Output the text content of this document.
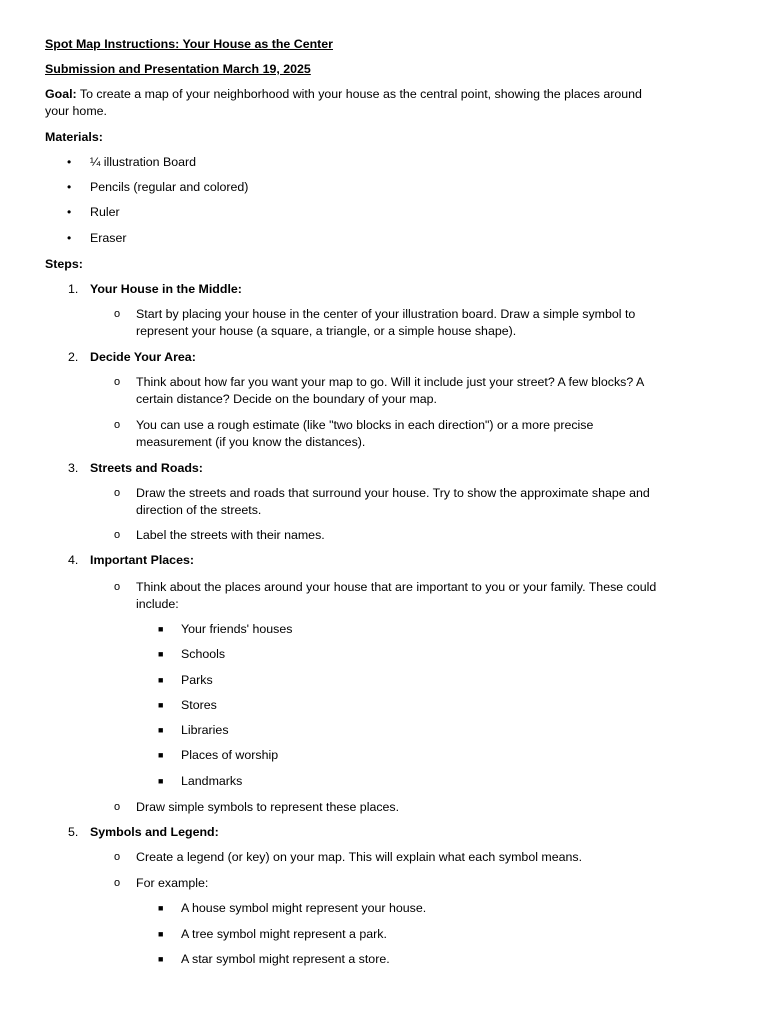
Spot Map Instructions: Your House as the Center
Submission and Presentation March 19, 2025
Goal: To create a map of your neighborhood with your house as the central point, showing the places around
your home.
Materials:
• ¼ illustration Board
• Pencils (regular and colored)
• Ruler
• Eraser
Steps:
1. Your House in the Middle:
o Start by placing your house in the center of your illustration board. Draw a simple symbol to
represent your house (a square, a triangle, or a simple house shape).
2. Decide Your Area:
o Think about how far you want your map to go. Will it include just your street? A few blocks? A
certain distance? Decide on the boundary of your map.
o You can use a rough estimate (like "two blocks in each direction") or a more precise
measurement (if you know the distances).
3. Streets and Roads:
o Draw the streets and roads that surround your house. Try to show the approximate shape and
direction of the streets.
o Label the streets with their names.
4. Important Places:
o Think about the places around your house that are important to you or your family. These could
include:
■ Your friends' houses
■ Schools
■ Parks
■ Stores
■ Libraries
■ Places of worship
■ Landmarks
o Draw simple symbols to represent these places.
5. Symbols and Legend:
o Create a legend (or key) on your map. This will explain what each symbol means.
o For example:
■ A house symbol might represent your house.
■ A tree symbol might represent a park.
■ A star symbol might represent a store.
